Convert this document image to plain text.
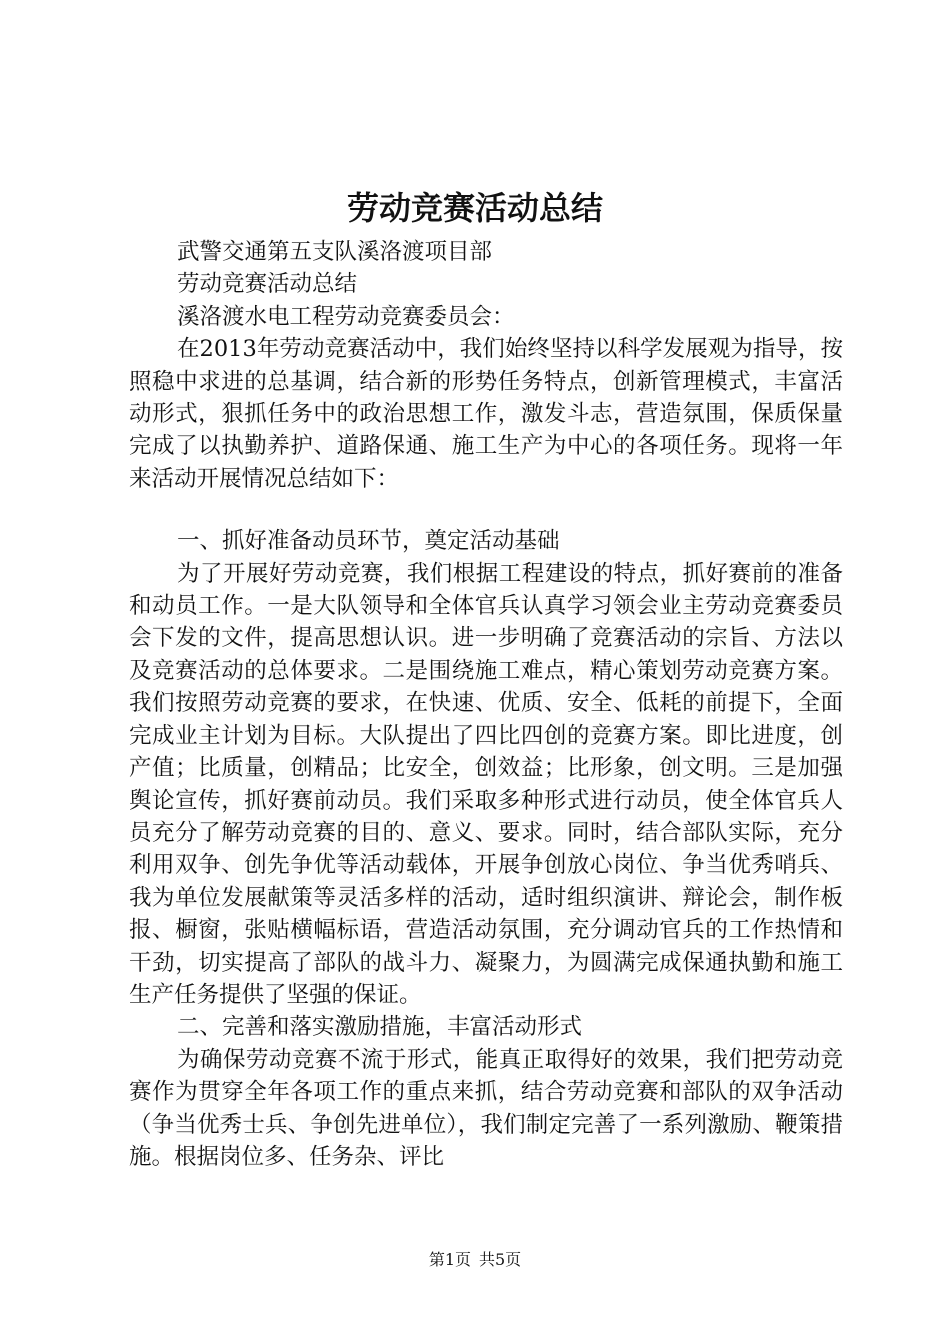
劳动竞赛活动总结

武警交通第五支队溪洛渡项目部

劳动竞赛活动总结

溪洛渡水电工程劳动竞赛委员会：

在2013年劳动竞赛活动中，我们始终坚持以科学发展观为指导，按照稳中求进的总基调，结合新的形势任务特点，创新管理模式，丰富活动形式，狠抓任务中的政治思想工作，激发斗志，营造氛围，保质保量完成了以执勤养护、道路保通、施工生产为中心的各项任务。现将一年来活动开展情况总结如下：

一、抓好准备动员环节，奠定活动基础

为了开展好劳动竞赛，我们根据工程建设的特点，抓好赛前的准备和动员工作。一是大队领导和全体官兵认真学习领会业主劳动竞赛委员会下发的文件，提高思想认识。进一步明确了竞赛活动的宗旨、方法以及竞赛活动的总体要求。二是围绕施工难点，精心策划劳动竞赛方案。我们按照劳动竞赛的要求，在快速、优质、安全、低耗的前提下，全面完成业主计划为目标。大队提出了四比四创的竞赛方案。即比进度，创产值；比质量，创精品；比安全，创效益；比形象，创文明。三是加强舆论宣传，抓好赛前动员。我们采取多种形式进行动员，使全体官兵人员充分了解劳动竞赛的目的、意义、要求。同时，结合部队实际，充分利用双争、创先争优等活动载体，开展争创放心岗位、争当优秀哨兵、我为单位发展献策等灵活多样的活动，适时组织演讲、辩论会，制作板报、橱窗，张贴横幅标语，营造活动氛围，充分调动官兵的工作热情和干劲，切实提高了部队的战斗力、凝聚力，为圆满完成保通执勤和施工生产任务提供了坚强的保证。

二、完善和落实激励措施，丰富活动形式

为确保劳动竞赛不流于形式，能真正取得好的效果，我们把劳动竞赛作为贯穿全年各项工作的重点来抓，结合劳动竞赛和部队的双争活动（争当优秀士兵、争创先进单位），我们制定完善了一系列激励、鞭策措施。根据岗位多、任务杂、评比

第1页 共5页
